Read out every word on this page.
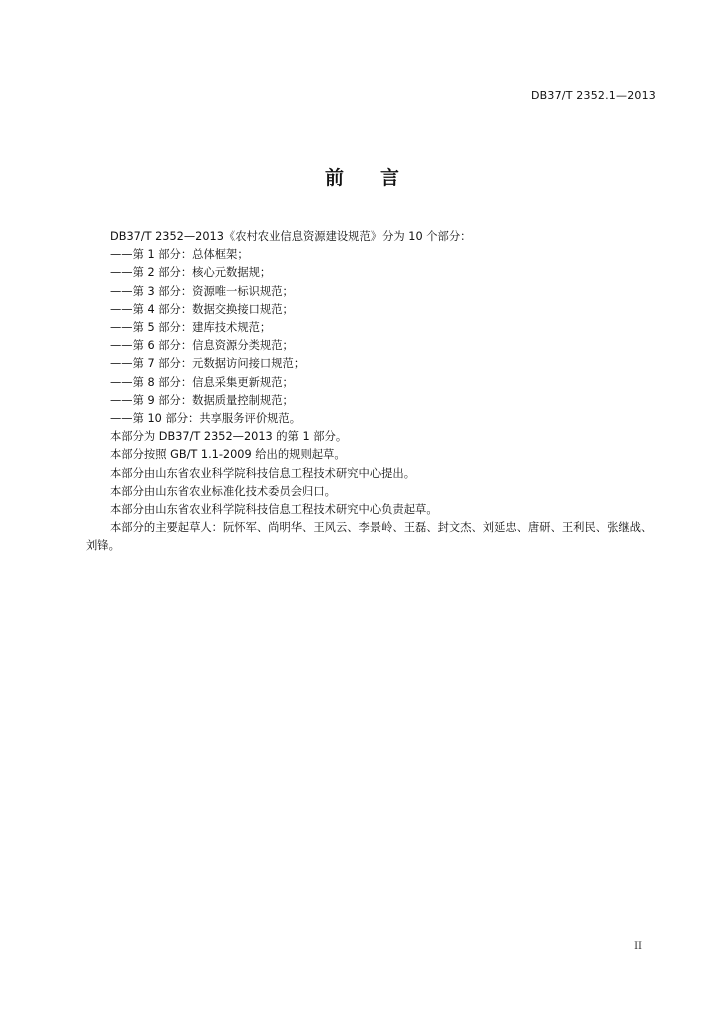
DB37/T 2352.1—2013
前言

DB37/T 2352—2013《农村农业信息资源建设规范》分为 10 个部分：

——第 1 部分：总体框架；

——第 2 部分：核心元数据规；

——第 3 部分：资源唯一标识规范；

——第 4 部分：数据交换接口规范；

——第 5 部分：建库技术规范；

——第 6 部分：信息资源分类规范；

——第 7 部分：元数据访问接口规范；

——第 8 部分：信息采集更新规范；

——第 9 部分：数据质量控制规范；

——第 10 部分：共享服务评价规范。

本部分为 DB37/T 2352—2013 的第 1 部分。

本部分按照 GB/T 1.1-2009 给出的规则起草。

本部分由山东省农业科学院科技信息工程技术研究中心提出。

本部分由山东省农业标准化技术委员会归口。

本部分由山东省农业科学院科技信息工程技术研究中心负责起草。

本部分的主要起草人：阮怀军、尚明华、王风云、李景岭、王磊、封文杰、刘延忠、唐研、王利民、张继战、刘锋。

II
